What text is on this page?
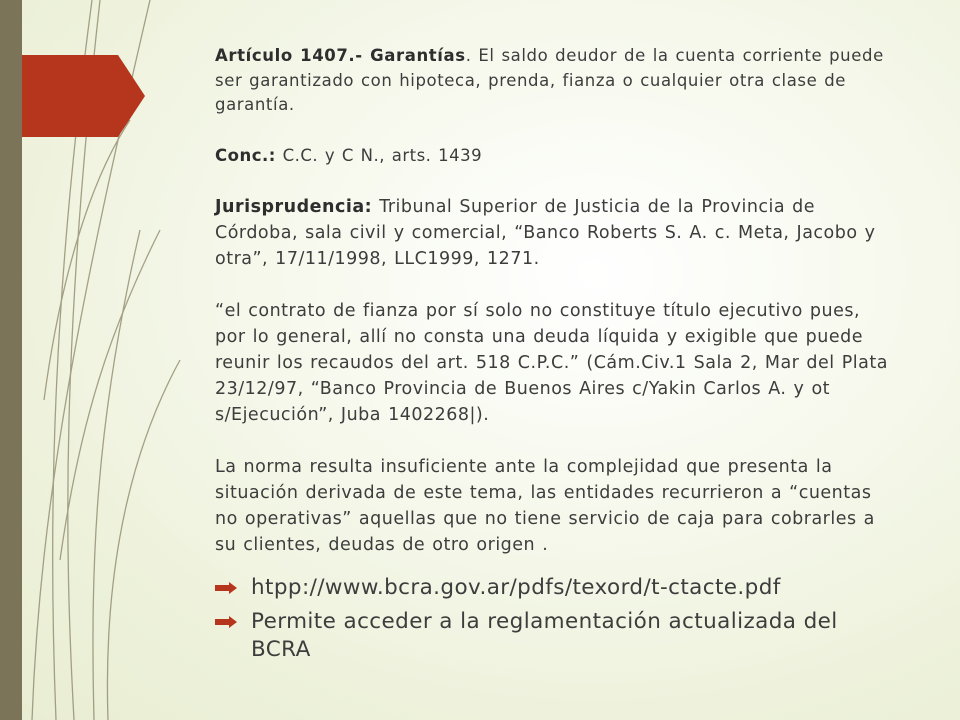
Artículo 1407.- Garantías. El saldo deudor de la cuenta corriente puede ser garantizado con hipoteca, prenda, fianza o cualquier otra clase de garantía.

Conc.: C.C. y C N., arts. 1439

Jurisprudencia: Tribunal Superior de Justicia de la Provincia de Córdoba, sala civil y comercial, “Banco Roberts S. A. c. Meta, Jacobo y otra”, 17/11/1998, LLC1999, 1271.

“el contrato de fianza por sí solo no constituye título ejecutivo pues, por lo general, allí no consta una deuda líquida y exigible que puede reunir los recaudos del art. 518 C.P.C.” (Cám.Civ.1 Sala 2, Mar del Plata 23/12/97, “Banco Provincia de Buenos Aires c/Yakin Carlos A. y ot s/Ejecución”, Juba 1402268|).

La norma resulta insuficiente ante la complejidad que presenta la situación derivada de este tema, las entidades recurrieron a “cuentas no operativas” aquellas que no tiene servicio de caja para cobrarles a su clientes, deudas de otro origen .

htpp://www.bcra.gov.ar/pdfs/texord/t-ctacte.pdf
Permite acceder a la reglamentación actualizada del BCRA
